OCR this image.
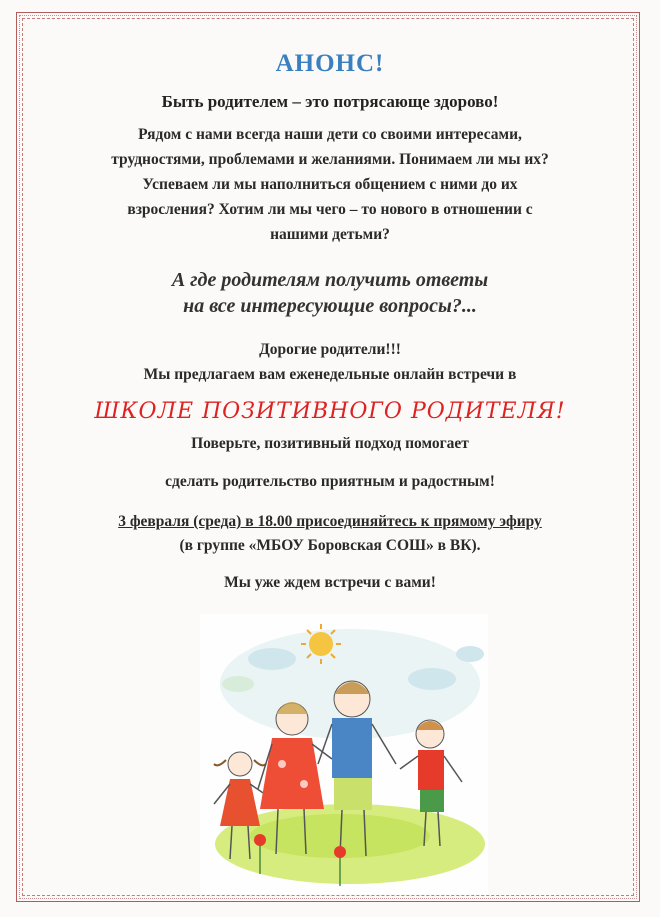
АНОНС!
Быть родителем – это потрясающе здорово!

Рядом с нами всегда наши дети со своими интересами,

трудностями, проблемами и желаниями. Понимаем ли мы их?

Успеваем ли мы наполниться общением с ними до их

взросления? Хотим ли мы чего – то нового в отношении с

нашими детьми?

А где родителям получить ответы
на все интересующие вопросы?...

Дорогие родители!!!

Мы предлагаем вам еженедельные онлайн встречи в

ШКОЛЕ ПОЗИТИВНОГО РОДИТЕЛЯ!

Поверьте, позитивный подход помогает

сделать родительство приятным и радостным!

3 февраля (среда) в 18.00 присоединяйтесь к прямому эфиру

(в группе «МБОУ Боровская СОШ» в ВК).

Мы уже ждем встречи с вами!
